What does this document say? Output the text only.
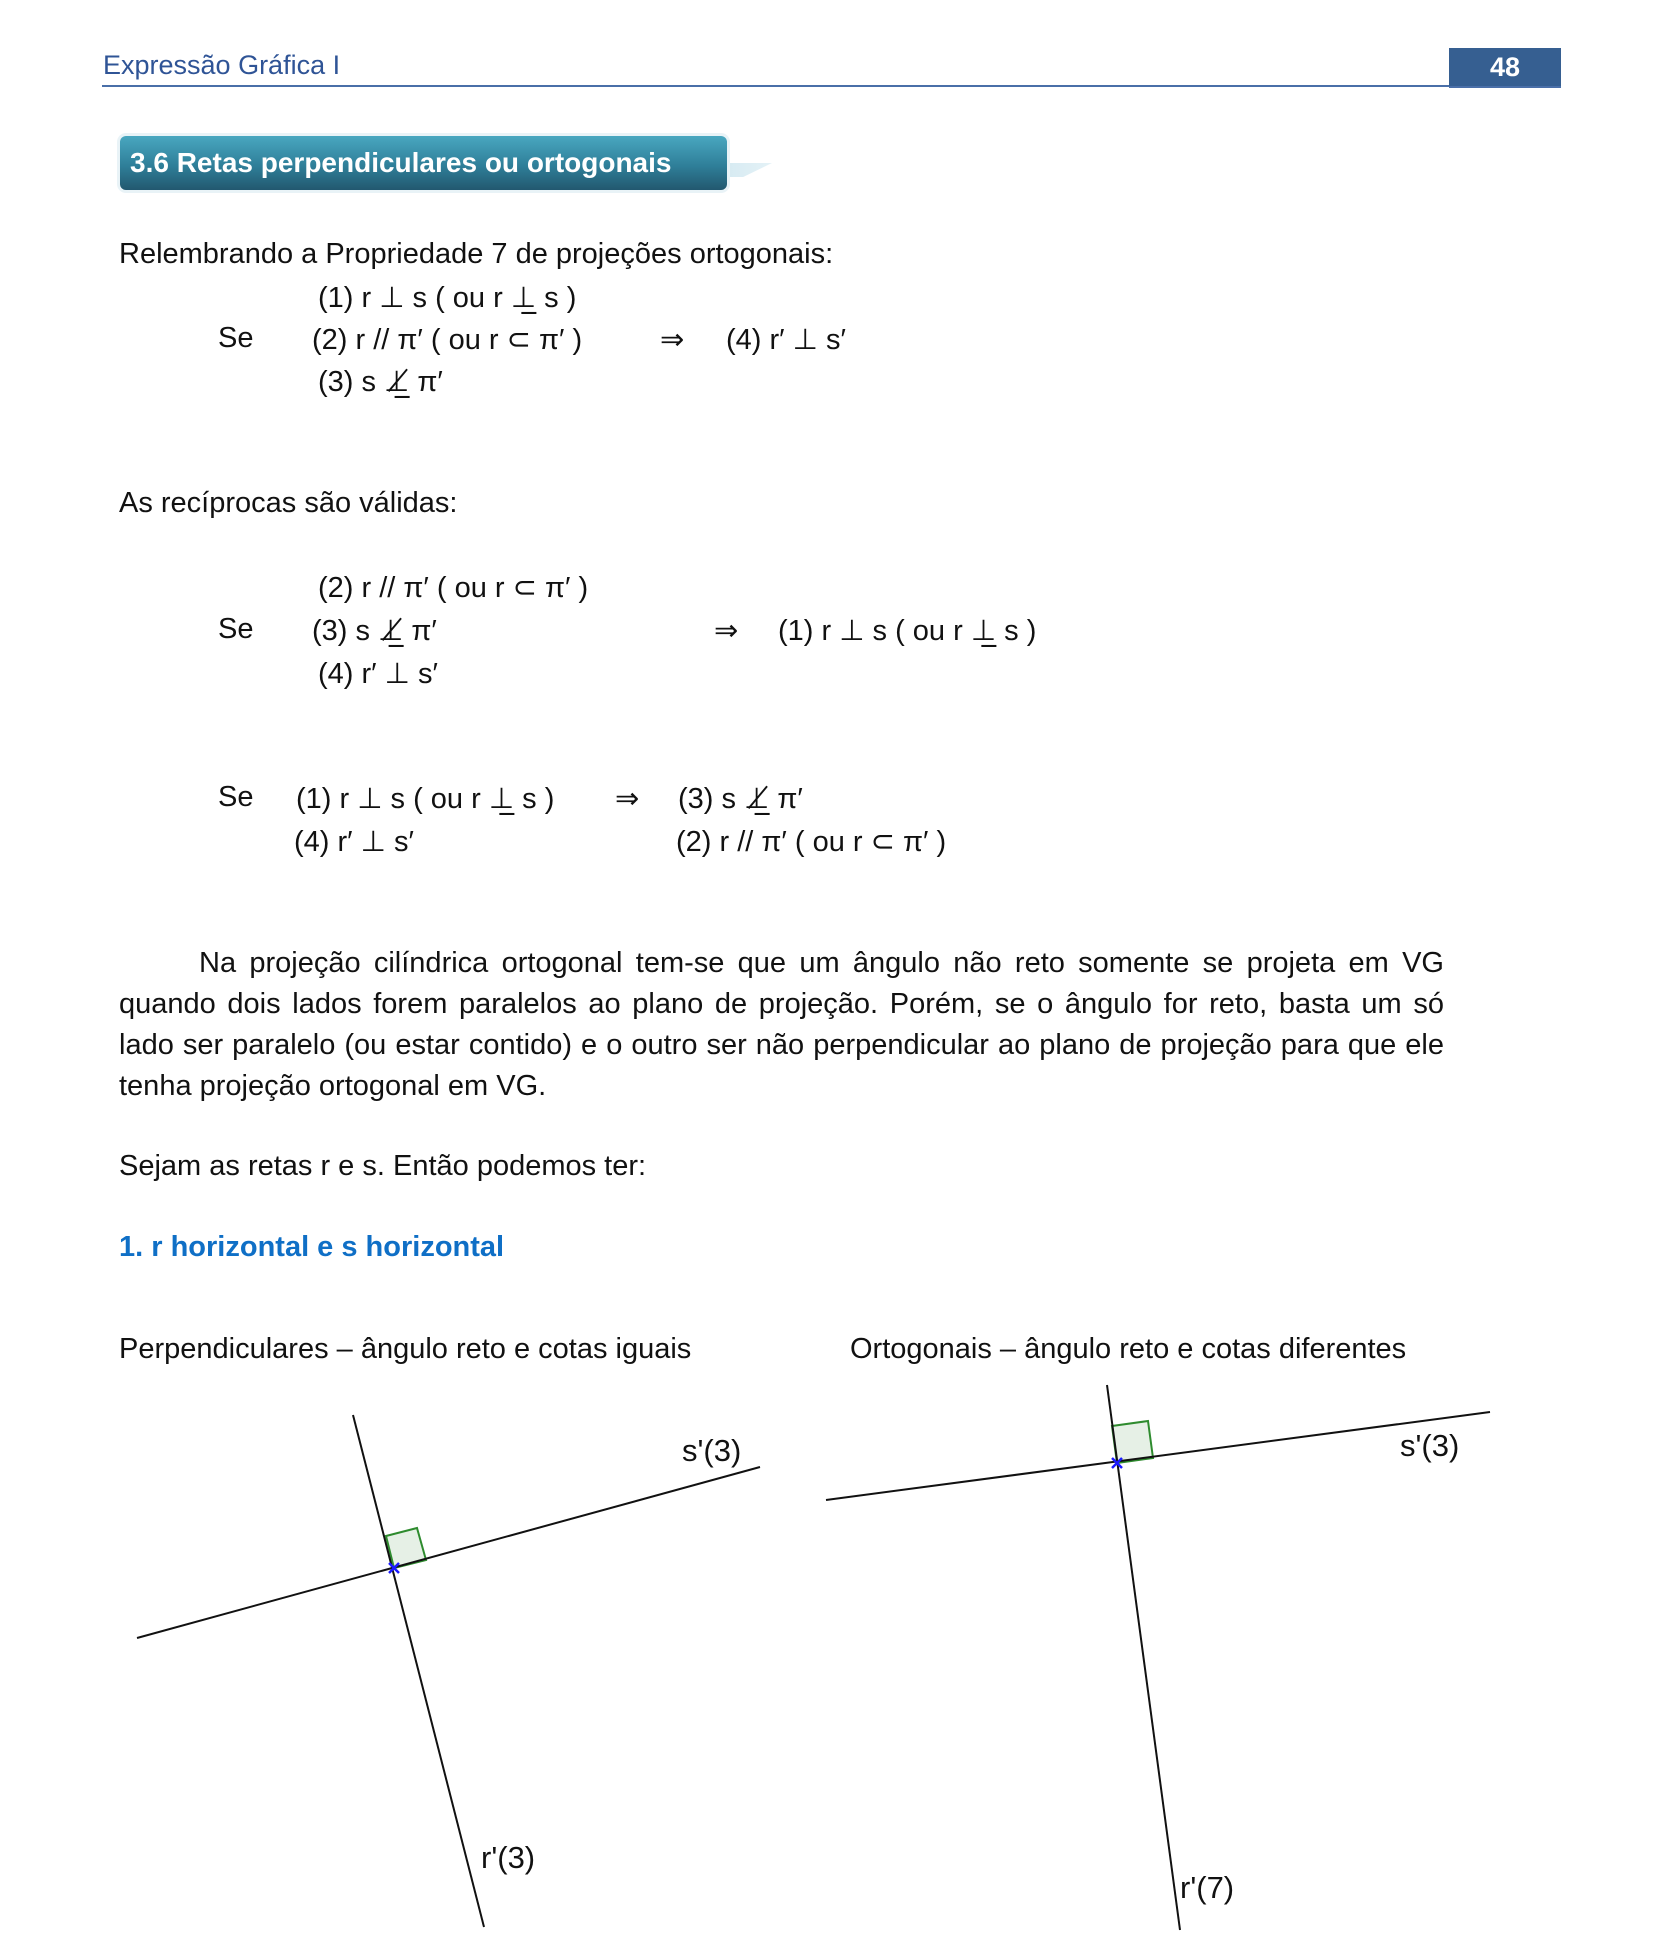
Expressão Gráfica I	48
3.6 Retas perpendiculares ou ortogonais
Relembrando a Propriedade 7 de projeções ortogonais:
(1) r ⊥ s ( ou r ⊥̲ s )
Se (2) r // π′ ( ou r ⊂ π′ )	⇒ (4) r′ ⊥ s′
(3) s ⊥̸̲ π′
As recíprocas são válidas:
(2) r // π′ ( ou r ⊂ π′ )
Se (3) s ⊥̸̲ π′	⇒ (1) r ⊥ s ( ou r ⊥̲ s )
(4) r′ ⊥ s′
Se (1) r ⊥ s ( ou r ⊥̲ s ) ⇒ (3) s ⊥̸̲ π′
(4) r′ ⊥ s′	(2) r // π′ ( ou r ⊂ π′ )
Na projeção cilíndrica ortogonal tem-se que um ângulo não reto somente se projeta em VG quando dois lados forem paralelos ao plano de projeção. Porém, se o ângulo for reto, basta um só lado ser paralelo (ou estar contido) e o outro ser não perpendicular ao plano de projeção para que ele tenha projeção ortogonal em VG.
Sejam as retas r e s. Então podemos ter:
1. r horizontal e s horizontal
Perpendiculares – ângulo reto e cotas iguais	Ortogonais – ângulo reto e cotas diferentes
s'(3)
r'(3)
s'(3)
r'(7)
